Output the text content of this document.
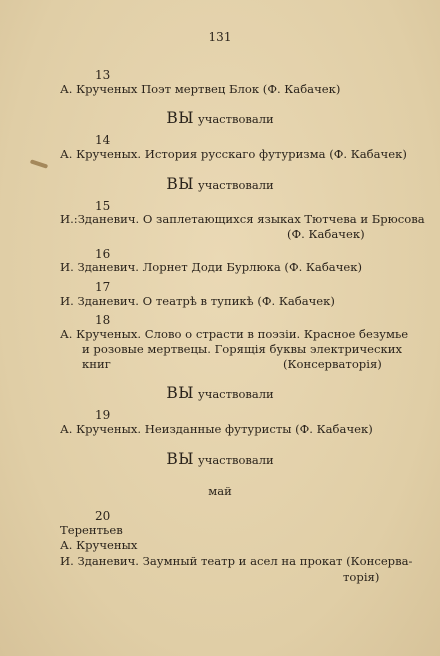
131
13
А. Крученых Поэт мертвец Блок (Ф. Кабачек)
ВЫ участвовали
14
А. Крученых. История русскаго футуризма (Ф. Кабачек)
ВЫ участвовали
15
И.:Зданевич. О заплетающихся языках Тютчева и Брюсова
(Ф. Кабачек)
16
И. Зданевич. Лорнет Доди Бурлюка (Ф. Кабачек)
17
И. Зданевич. О театрѣ в тупикѣ (Ф. Кабачек)
18
А. Крученых. Слово о страсти в поэзіи. Красное безумье
и розовые мертвецы. Горящія буквы электрических
книг	(Консерваторія)
ВЫ участвовали
19
А. Крученых. Неизданные футуристы (Ф. Кабачек)
ВЫ участвовали
май
20
Терентьев
А. Крученых
И. Зданевич. Заумный театр и асел на прокат (Консерва-
торія)
